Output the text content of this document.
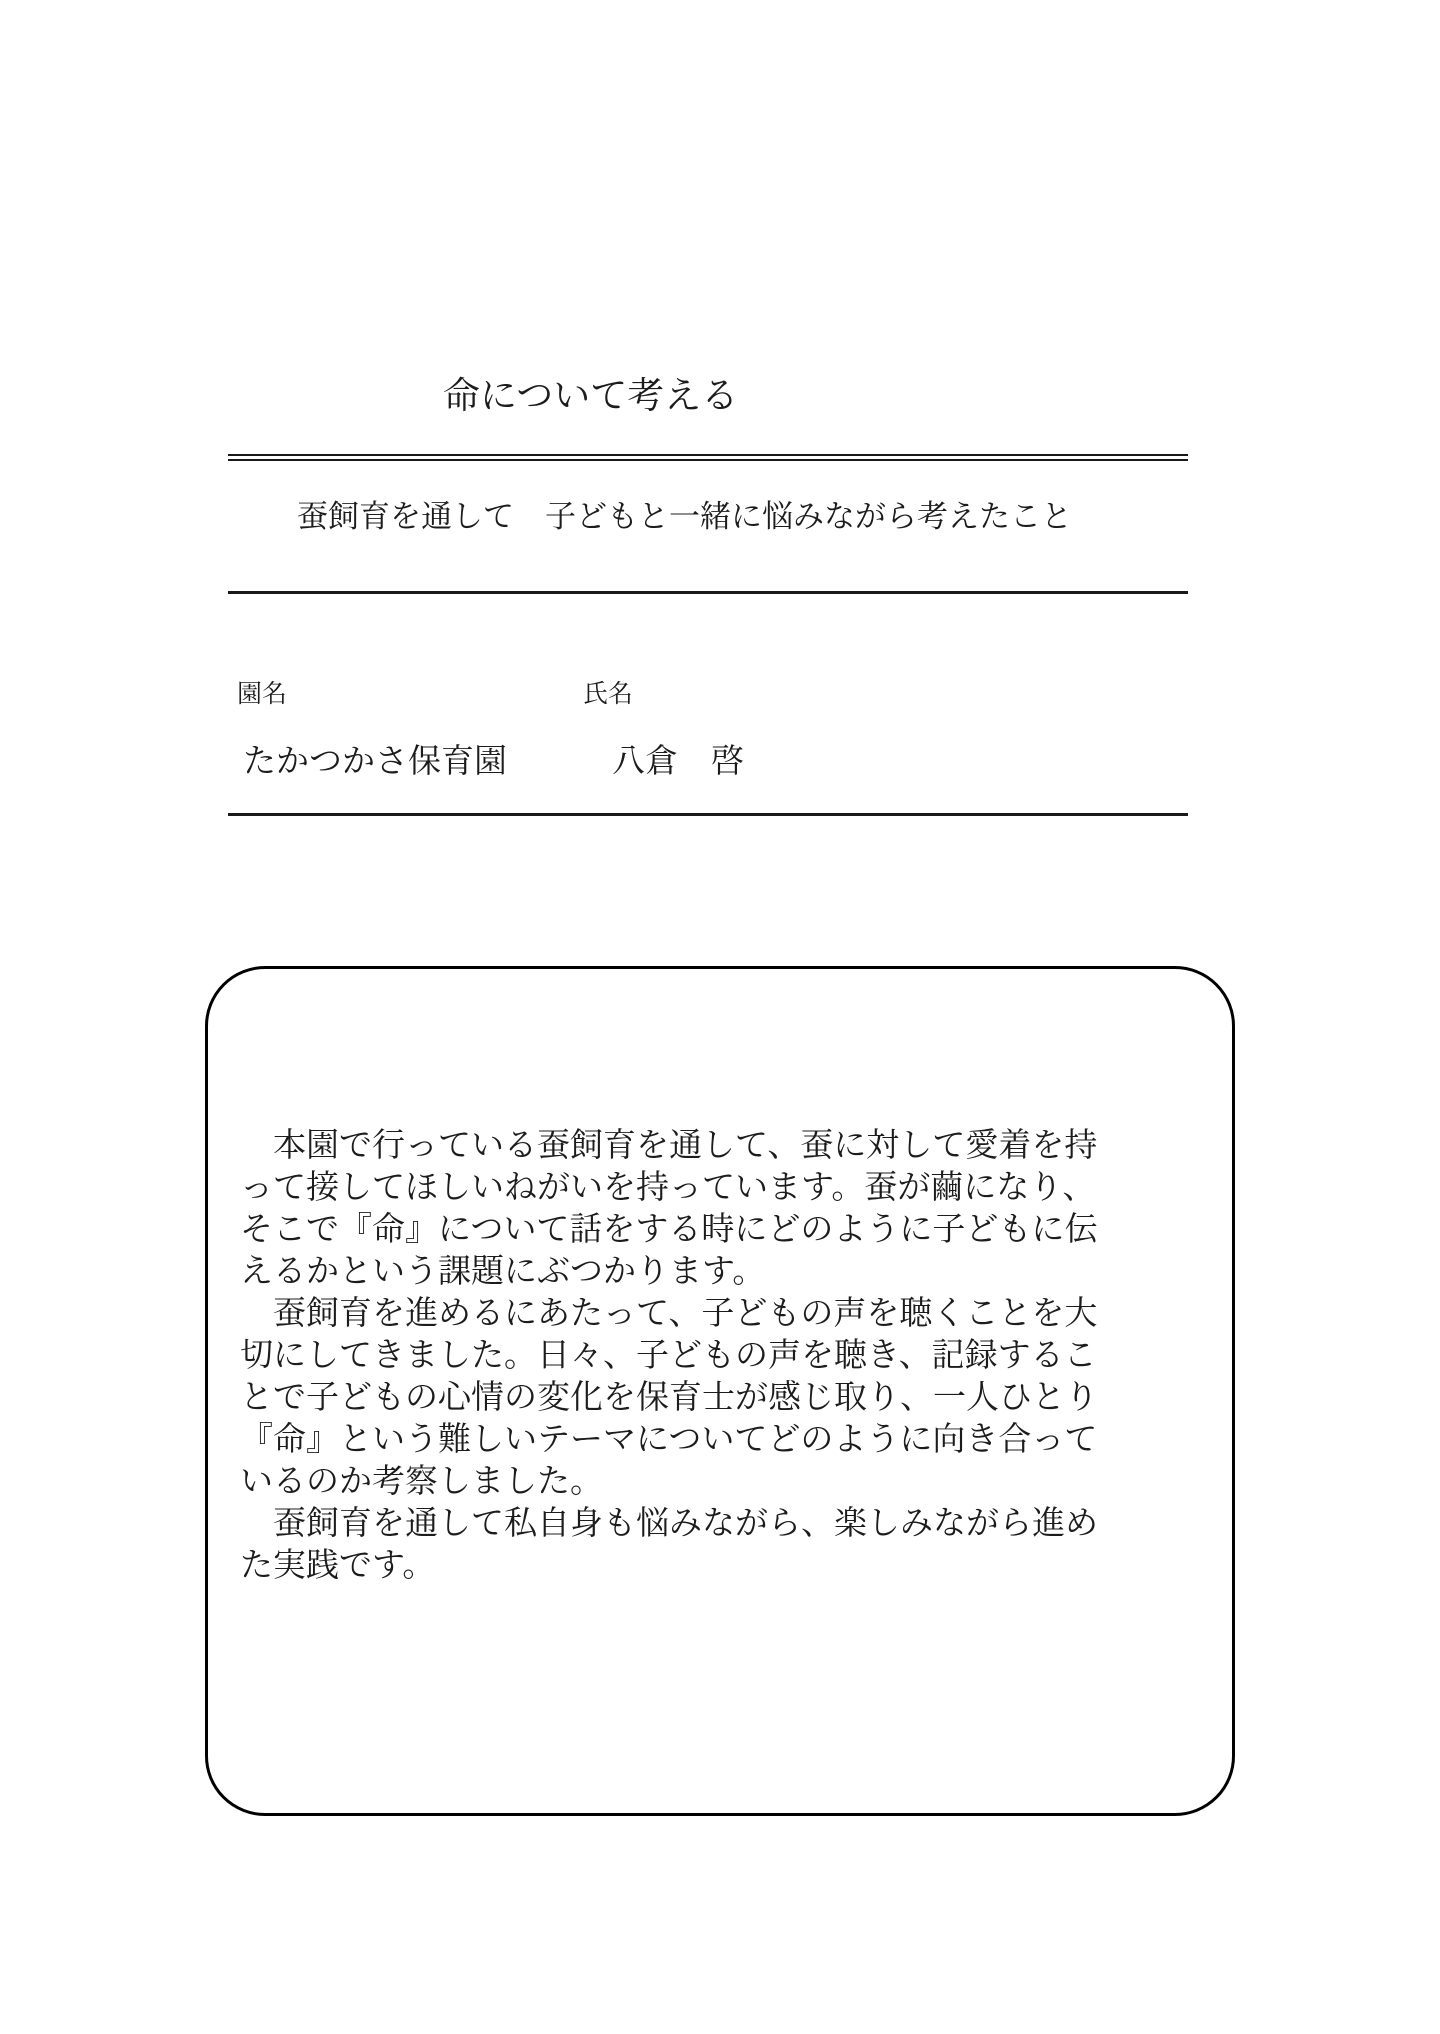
命について考える
蚕飼育を通して　子どもと一緒に悩みながら考えたこと
園名	氏名
たかつかさ保育園	八倉　啓
　本園で行っている蚕飼育を通して、蚕に対して愛着を持
って接してほしいねがいを持っています。蚕が繭になり、
そこで『命』について話をする時にどのように子どもに伝
えるかという課題にぶつかります。
　蚕飼育を進めるにあたって、子どもの声を聴くことを大
切にしてきました。日々、子どもの声を聴き、記録するこ
とで子どもの心情の変化を保育士が感じ取り、一人ひとり
『命』という難しいテーマについてどのように向き合って
いるのか考察しました。
　蚕飼育を通して私自身も悩みながら、楽しみながら進め
た実践です。
